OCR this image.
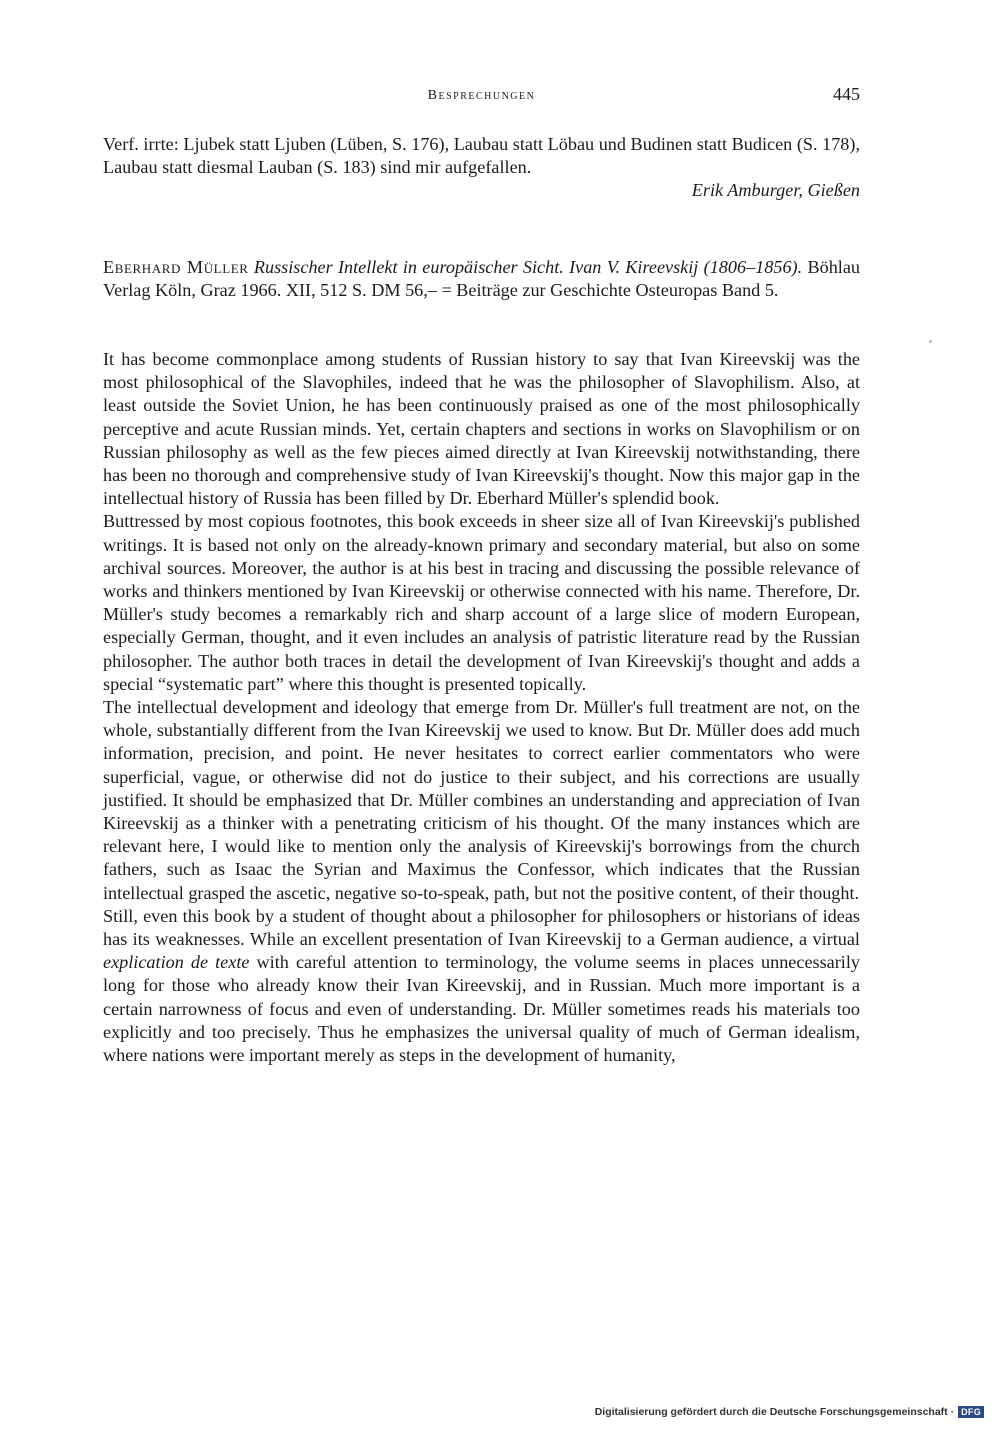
Besprechungen	445
Verf. irrte: Ljubek statt Ljuben (Lüben, S. 176), Laubau statt Löbau und Budinen statt Budicen (S. 178), Laubau statt diesmal Lauban (S. 183) sind mir aufgefallen.
Erik Amburger, Gießen
Eberhard Müller Russischer Intellekt in europäischer Sicht. Ivan V. Kireevskij (1806–1856). Böhlau Verlag Köln, Graz 1966. XII, 512 S. DM 56,– = Beiträge zur Geschichte Osteuropas Band 5.

It has become commonplace among students of Russian history to say that Ivan Kireevskij was the most philosophical of the Slavophiles, indeed that he was the philosopher of Slavophilism. Also, at least outside the Soviet Union, he has been continuously praised as one of the most philosophically perceptive and acute Russian minds. Yet, certain chapters and sections in works on Slavophilism or on Russian philosophy as well as the few pieces aimed directly at Ivan Kireevskij notwithstanding, there has been no thorough and comprehensive study of Ivan Kireevskij's thought. Now this major gap in the intellectual history of Russia has been filled by Dr. Eberhard Müller's splendid book.

Buttressed by most copious footnotes, this book exceeds in sheer size all of Ivan Kireevskij's published writings. It is based not only on the already-known primary and secondary material, but also on some archival sources. Moreover, the author is at his best in tracing and discussing the possible relevance of works and thinkers mentioned by Ivan Kireevskij or otherwise connected with his name. Therefore, Dr. Müller's study becomes a remarkably rich and sharp account of a large slice of modern European, especially German, thought, and it even includes an analysis of patristic literature read by the Russian philosopher. The author both traces in detail the development of Ivan Kireevskij's thought and adds a special “systematic part” where this thought is presented topically.

The intellectual development and ideology that emerge from Dr. Müller's full treatment are not, on the whole, substantially different from the Ivan Kireevskij we used to know. But Dr. Müller does add much information, precision, and point. He never hesitates to correct earlier commentators who were superficial, vague, or otherwise did not do justice to their subject, and his corrections are usually justified. It should be emphasized that Dr. Müller combines an understanding and appreciation of Ivan Kireevskij as a thinker with a penetrating criticism of his thought. Of the many instances which are relevant here, I would like to mention only the analysis of Kireevskij's borrowings from the church fathers, such as Isaac the Syrian and Maximus the Confessor, which indicates that the Russian intellectual grasped the ascetic, negative so-to-speak, path, but not the positive content, of their thought.

Still, even this book by a student of thought about a philosopher for philosophers or historians of ideas has its weaknesses. While an excellent presentation of Ivan Kireevskij to a German audience, a virtual explication de texte with careful attention to terminology, the volume seems in places unnecessarily long for those who already know their Ivan Kireevskij, and in Russian. Much more important is a certain narrowness of focus and even of understanding. Dr. Müller sometimes reads his materials too explicitly and too precisely. Thus he emphasizes the universal quality of much of German idealism, where nations were important merely as steps in the development of humanity,

Digitalisierung gefördert durch die Deutsche Forschungsgemeinschaft · DFG
